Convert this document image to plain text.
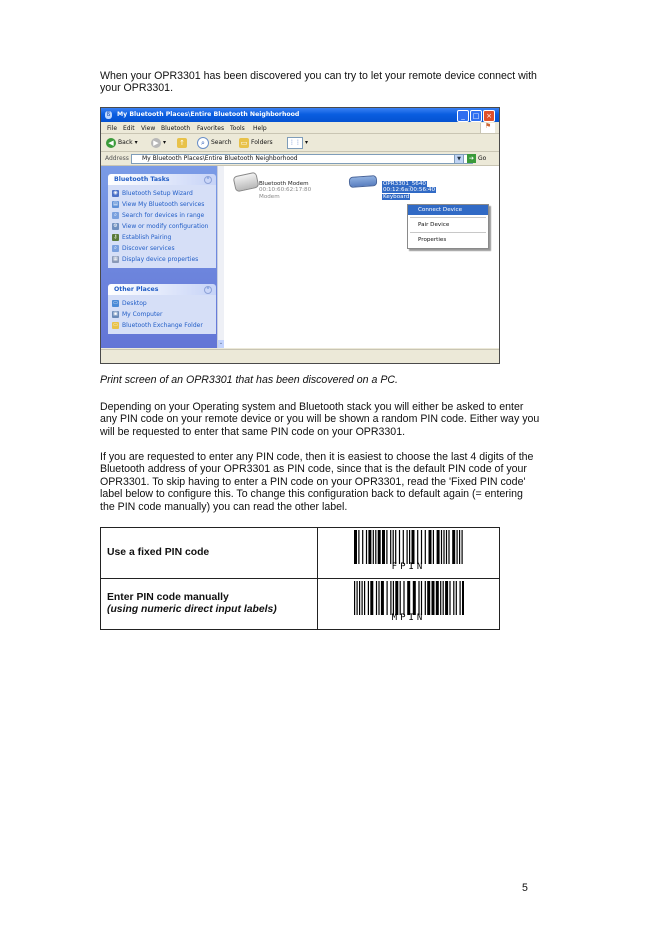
When your OPR3301 has been discovered you can try to let your remote device connect with your OPR3301.

ß My Bluetooth Places\Entire Bluetooth Neighborhood	_	□ ×
File Edit View Bluetooth Favorites Tools Help	⚑
◀ Back ▾	▶ ▾ ↑	⌕	Search ▭ Folders	⋮⋮ ▾
Address	My Bluetooth Places\Entire Bluetooth Neighborhood	▼	➔ Go
Bluetooth Tasks	⌃
◉ Bluetooth Setup Wizard
▤ View My Bluetooth services
⌕ Search for devices in range
⚙ View or modify configuration
⚷ Establish Pairing
⌕ Discover services
▦ Display device properties
Other Places	⌃
▭ Desktop
▣ My Computer
▭ Bluetooth Exchange Folder
⌄
Bluetooth Modem
00:10:60:62:17:80
Modem
OPR3301_5640
00:12:6a:00:56:40
Keyboard
Connect Device
Pair Device
Properties

Print screen of an OPR3301 that has been discovered on a PC.

Depending on your Operating system and Bluetooth stack you will either be asked to enter any PIN code on your remote device or you will be shown a random PIN code. Either way you will be requested to enter that same PIN code on your OPR3301.

If you are requested to enter any PIN code, then it is easiest to choose the last 4 digits of the Bluetooth address of your OPR3301 as PIN code, since that is the default PIN code of your OPR3301. To skip having to enter a PIN code on your OPR3301, read the 'Fixed PIN code' label below to configure this. To change this configuration back to default again (= entering the PIN code manually) you can read the other label.

Use a fixed PIN code	FPIN

Enter PIN code manually
(using numeric direct input labels)	MPIN
5
